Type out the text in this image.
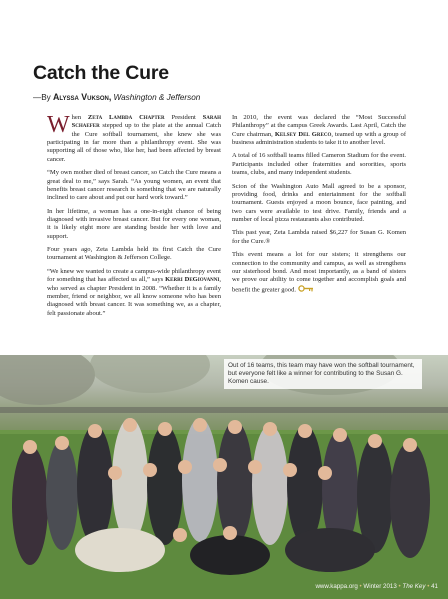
Catch the Cure
—By Alyssa Vukson, Washington & Jefferson

When Zeta Lambda Chapter President Sarah Schaefer stepped up to the plate at the annual Catch the Cure softball tournament, she knew she was participating in far more than a philanthropy event. She was supporting all of those who, like her, had been affected by breast cancer.

“My own mother died of breast cancer, so Catch the Cure means a great deal to me,” says Sarah. “As young women, an event that benefits breast cancer research is something that we are naturally inclined to care about and put our hard work toward.”

In her lifetime, a woman has a one-in-eight chance of being diagnosed with invasive breast cancer. But for every one woman, it is likely eight more are standing beside her with love and support.

Four years ago, Zeta Lambda held its first Catch the Cure tournament at Washington & Jefferson College.

“We knew we wanted to create a campus-wide philanthropy event for something that has affected us all,” says Kerri DeGiovanni, who served as chapter President in 2008. “Whether it is a family member, friend or neighbor, we all know someone who has been diagnosed with breast cancer. It was something we, as a chapter, felt passionate about.”

In 2010, the event was declared the “Most Successful Philanthropy” at the campus Greek Awards. Last April, Catch the Cure chairman, Kelsey Del Greco, teamed up with a group of business administration students to take it to another level.

A total of 16 softball teams filled Cameron Stadium for the event. Participants included other fraternities and sororities, sports teams, clubs, and many independent students.

Scion of the Washington Auto Mall agreed to be a sponsor, providing food, drinks and entertainment for the softball tournament. Guests enjoyed a moon bounce, face painting, and two cars were available to test drive. Family, friends and a number of local pizza restaurants also contributed.

This past year, Zeta Lambda raised $6,227 for Susan G. Komen for the Cure.®

This event means a lot for our sisters; it strengthens our connection to the community and campus, as well as strengthens our sisterhood bond. And most importantly, as a band of sisters we prove our ability to come together and accomplish goals and benefit the greater good.

Out of 16 teams, this team may have won the softball tournament, but everyone felt like a winner for contributing to the Susan G. Komen cause.
www.kappa.org • Winter 2013 • The Key • 41
